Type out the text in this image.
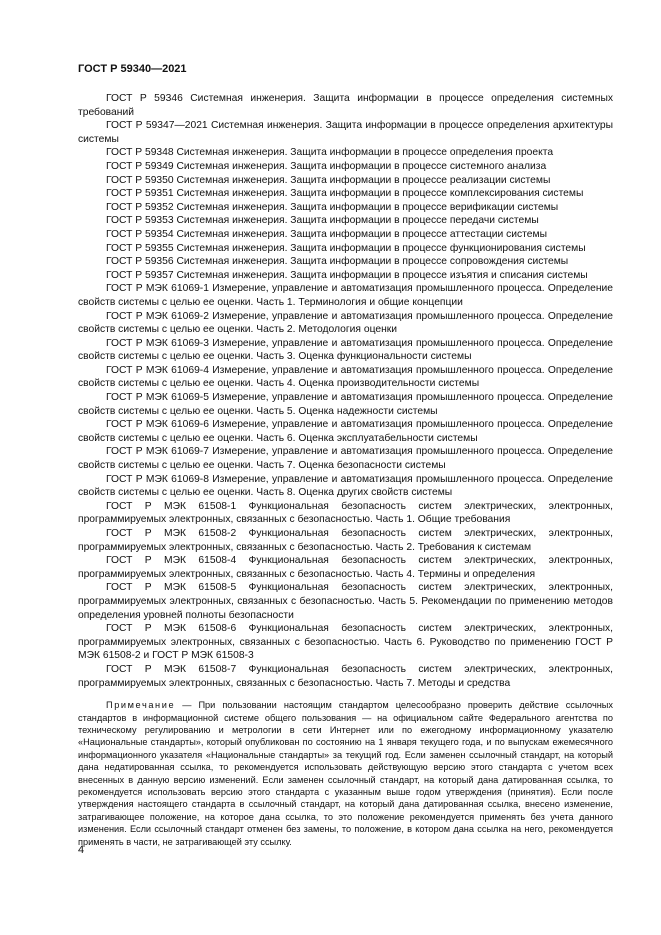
ГОСТ Р 59340—2021

ГОСТ Р 59346 Системная инженерия. Защита информации в процессе определения системных требований

ГОСТ Р 59347—2021 Системная инженерия. Защита информации в процессе определения архитектуры системы

ГОСТ Р 59348 Системная инженерия. Защита информации в процессе определения проекта

ГОСТ Р 59349 Системная инженерия. Защита информации в процессе системного анализа

ГОСТ Р 59350 Системная инженерия. Защита информации в процессе реализации системы

ГОСТ Р 59351 Системная инженерия. Защита информации в процессе комплексирования системы

ГОСТ Р 59352 Системная инженерия. Защита информации в процессе верификации системы

ГОСТ Р 59353 Системная инженерия. Защита информации в процессе передачи системы

ГОСТ Р 59354 Системная инженерия. Защита информации в процессе аттестации системы

ГОСТ Р 59355 Системная инженерия. Защита информации в процессе функционирования системы

ГОСТ Р 59356 Системная инженерия. Защита информации в процессе сопровождения системы

ГОСТ Р 59357 Системная инженерия. Защита информации в процессе изъятия и списания системы

ГОСТ Р МЭК 61069-1 Измерение, управление и автоматизация промышленного процесса. Определение свойств системы с целью ее оценки. Часть 1. Терминология и общие концепции

ГОСТ Р МЭК 61069-2 Измерение, управление и автоматизация промышленного процесса. Определение свойств системы с целью ее оценки. Часть 2. Методология оценки

ГОСТ Р МЭК 61069-3 Измерение, управление и автоматизация промышленного процесса. Определение свойств системы с целью ее оценки. Часть 3. Оценка функциональности системы

ГОСТ Р МЭК 61069-4 Измерение, управление и автоматизация промышленного процесса. Определение свойств системы с целью ее оценки. Часть 4. Оценка производительности системы

ГОСТ Р МЭК 61069-5 Измерение, управление и автоматизация промышленного процесса. Определение свойств системы с целью ее оценки. Часть 5. Оценка надежности системы

ГОСТ Р МЭК 61069-6 Измерение, управление и автоматизация промышленного процесса. Определение свойств системы с целью ее оценки. Часть 6. Оценка эксплуатабельности системы

ГОСТ Р МЭК 61069-7 Измерение, управление и автоматизация промышленного процесса. Определение свойств системы с целью ее оценки. Часть 7. Оценка безопасности системы

ГОСТ Р МЭК 61069-8 Измерение, управление и автоматизация промышленного процесса. Определение свойств системы с целью ее оценки. Часть 8. Оценка других свойств системы

ГОСТ Р МЭК 61508-1 Функциональная безопасность систем электрических, электронных, программируемых электронных, связанных с безопасностью. Часть 1. Общие требования

ГОСТ Р МЭК 61508-2 Функциональная безопасность систем электрических, электронных, программируемых электронных, связанных с безопасностью. Часть 2. Требования к системам

ГОСТ Р МЭК 61508-4 Функциональная безопасность систем электрических, электронных, программируемых электронных, связанных с безопасностью. Часть 4. Термины и определения

ГОСТ Р МЭК 61508-5 Функциональная безопасность систем электрических, электронных, программируемых электронных, связанных с безопасностью. Часть 5. Рекомендации по применению методов определения уровней полноты безопасности

ГОСТ Р МЭК 61508-6 Функциональная безопасность систем электрических, электронных, программируемых электронных, связанных с безопасностью. Часть 6. Руководство по применению ГОСТ Р МЭК 61508-2 и ГОСТ Р МЭК 61508-3

ГОСТ Р МЭК 61508-7 Функциональная безопасность систем электрических, электронных, программируемых электронных, связанных с безопасностью. Часть 7. Методы и средства

Примечание — При пользовании настоящим стандартом целесообразно проверить действие ссылочных стандартов в информационной системе общего пользования — на официальном сайте Федерального агентства по техническому регулированию и метрологии в сети Интернет или по ежегодному информационному указателю «Национальные стандарты», который опубликован по состоянию на 1 января текущего года, и по выпускам ежемесячного информационного указателя «Национальные стандарты» за текущий год. Если заменен ссылочный стандарт, на который дана недатированная ссылка, то рекомендуется использовать действующую версию этого стандарта с учетом всех внесенных в данную версию изменений. Если заменен ссылочный стандарт, на который дана датированная ссылка, то рекомендуется использовать версию этого стандарта с указанным выше годом утверждения (принятия). Если после утверждения настоящего стандарта в ссылочный стандарт, на который дана датированная ссылка, внесено изменение, затрагивающее положение, на которое дана ссылка, то это положение рекомендуется применять без учета данного изменения. Если ссылочный стандарт отменен без замены, то положение, в котором дана ссылка на него, рекомендуется применять в части, не затрагивающей эту ссылку.

4
